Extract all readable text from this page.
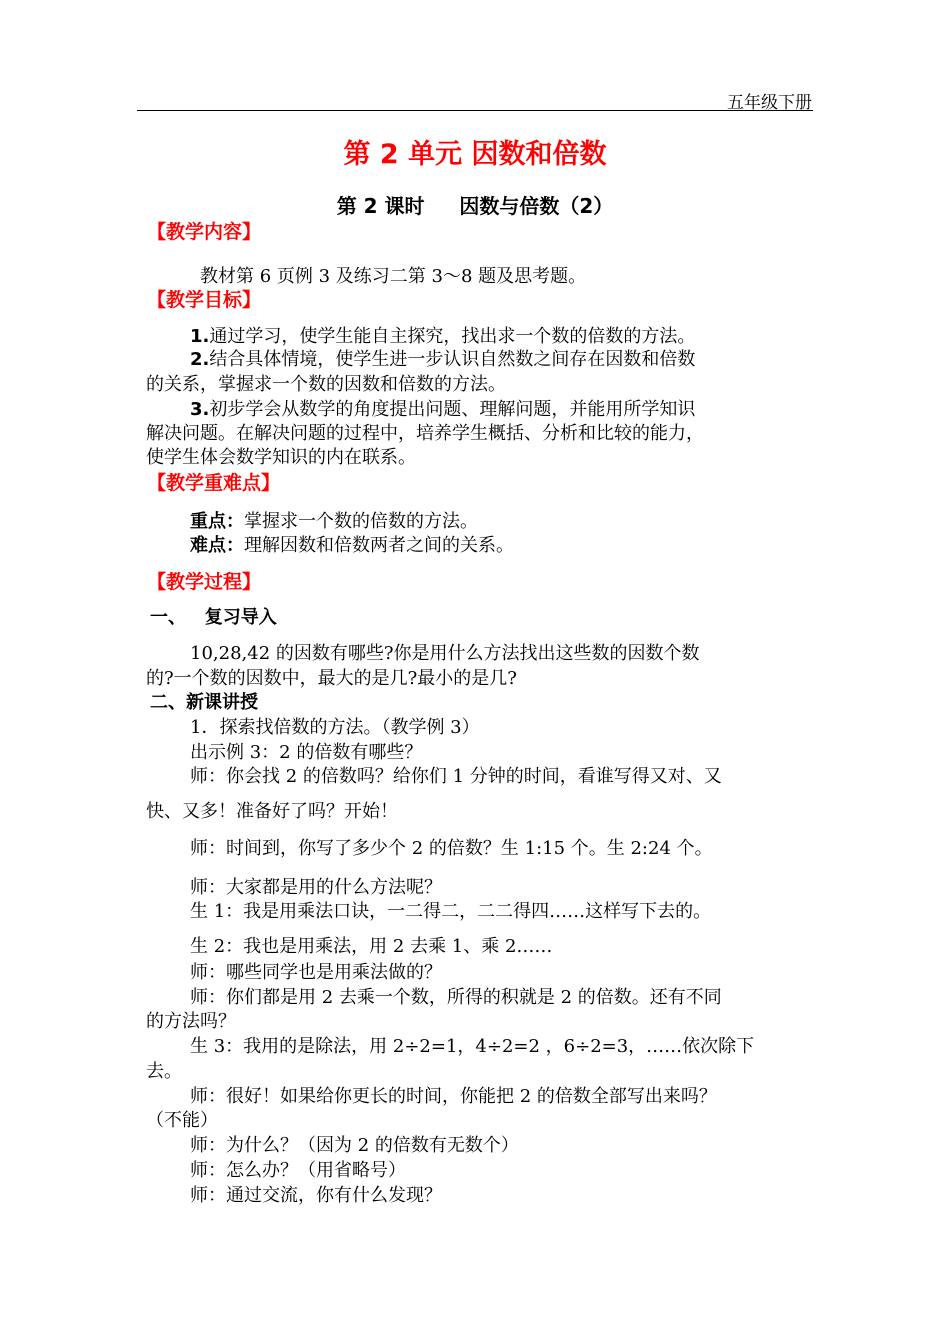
五年级下册
第 2 单元 因数和倍数
第 2 课时     因数与倍数（2）
【教学内容】
教材第 6 页例 3 及练习二第 3～8 题及思考题。
【教学目标】
1.通过学习，使学生能自主探究，找出求一个数的倍数的方法。
2.结合具体情境，使学生进一步认识自然数之间存在因数和倍数
的关系，掌握求一个数的因数和倍数的方法。
3.初步学会从数学的角度提出问题、理解问题，并能用所学知识
解决问题。在解决问题的过程中，培养学生概括、分析和比较的能力，
使学生体会数学知识的内在联系。
【教学重难点】
重点：掌握求一个数的倍数的方法。
难点：理解因数和倍数两者之间的关系。
【教学过程】
一、   复习导入
10,28,42 的因数有哪些?你是用什么方法找出这些数的因数个数
的?一个数的因数中，最大的是几?最小的是几?
二、新课讲授
1．探索找倍数的方法。（教学例 3）
出示例 3：2 的倍数有哪些？
师：你会找 2 的倍数吗？给你们 1 分钟的时间，看谁写得又对、又
快、又多！准备好了吗？开始！
师：时间到，你写了多少个 2 的倍数？生 1:15 个。生 2:24 个。
师：大家都是用的什么方法呢？
生 1：我是用乘法口诀，一二得二，二二得四……这样写下去的。
生 2：我也是用乘法，用 2 去乘 1、乘 2……
师：哪些同学也是用乘法做的？
师：你们都是用 2 去乘一个数，所得的积就是 2 的倍数。还有不同
的方法吗？
生 3：我用的是除法，用 2÷2=1，4÷2=2 ，6÷2=3，……依次除下
去。
师：很好！如果给你更长的时间，你能把 2 的倍数全部写出来吗？
（不能）
师：为什么？（因为 2 的倍数有无数个）
师：怎么办？（用省略号）
师：通过交流，你有什么发现？
